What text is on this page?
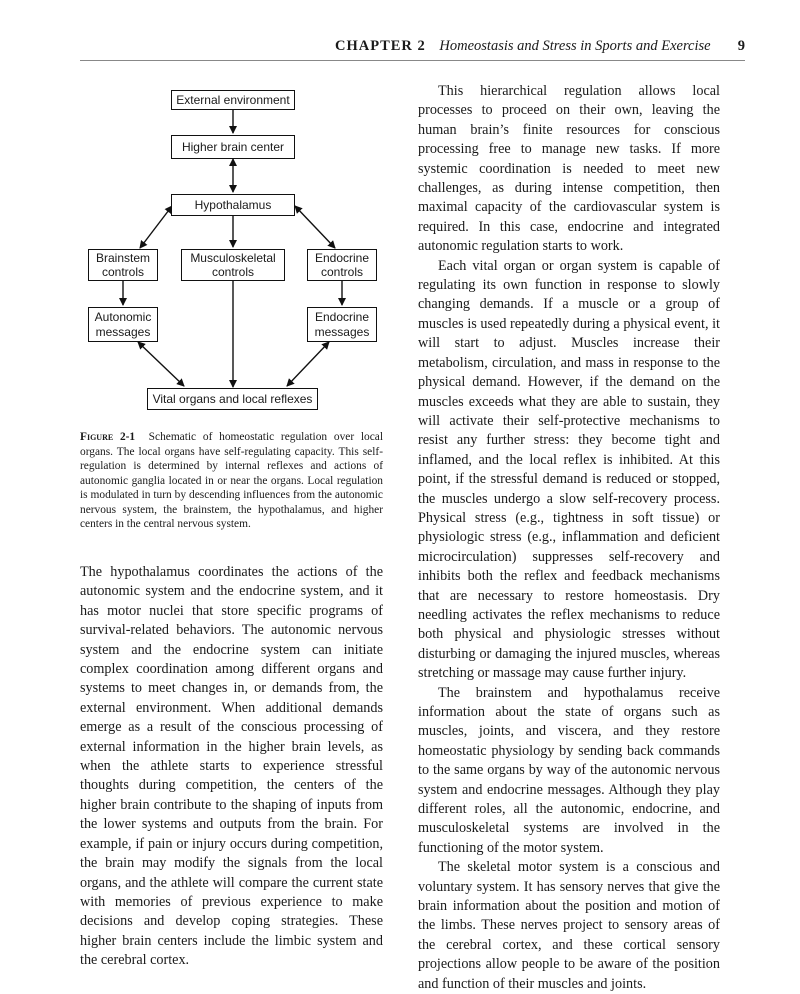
CHAPTER 2 Homeostasis and Stress in Sports and Exercise 9
External environment
Higher brain center
Hypothalamus
Brainstem
controls
Musculoskeletal
controls
Endocrine
controls
Autonomic
messages
Endocrine
messages
Vital organs and local reflexes
Figure 2-1 Schematic of homeostatic regulation over local organs. The local organs have self-regulating capacity. This self-regulation is determined by internal reflexes and actions of autonomic ganglia located in or near the organs. Local regulation is modulated in turn by descending influences from the autonomic nervous system, the brainstem, the hypothalamus, and higher centers in the central nervous system.

The hypothalamus coordinates the actions of the autonomic system and the endocrine system, and it has motor nuclei that store specific programs of survival-related behaviors. The autonomic nervous system and the endocrine system can initiate complex coordination among different organs and systems to meet changes in, or demands from, the external environment. When additional demands emerge as a result of the conscious processing of external information in the higher brain levels, as when the athlete starts to experience stressful thoughts during competition, the centers of the higher brain contribute to the shaping of inputs from the lower systems and outputs from the brain. For example, if pain or injury occurs during competition, the brain may modify the signals from the local organs, and the athlete will compare the current state with memories of previous experience to make decisions and develop coping strategies. These higher brain centers include the limbic system and the cerebral cortex.

This hierarchical regulation allows local processes to proceed on their own, leaving the human brain’s finite resources for conscious processing free to manage new tasks. If more systemic coordination is needed to meet new challenges, as during intense competition, then maximal capacity of the cardiovascular system is required. In this case, endocrine and integrated autonomic regulation starts to work.

Each vital organ or organ system is capable of regulating its own function in response to slowly changing demands. If a muscle or a group of muscles is used repeatedly during a physical event, it will start to adjust. Muscles increase their metabolism, circulation, and mass in response to the physical demand. However, if the demand on the muscles exceeds what they are able to sustain, they will activate their self-protective mechanisms to resist any further stress: they become tight and inflamed, and the local reflex is inhibited. At this point, if the stressful demand is reduced or stopped, the muscles undergo a slow self-recovery process. Physical stress (e.g., tightness in soft tissue) or physiologic stress (e.g., inflammation and deficient microcirculation) suppresses self-recovery and inhibits both the reflex and feedback mechanisms that are necessary to restore homeostasis. Dry needling activates the reflex mechanisms to reduce both physical and physiologic stresses without disturbing or damaging the injured muscles, whereas stretching or massage may cause further injury.

The brainstem and hypothalamus receive information about the state of organs such as muscles, joints, and viscera, and they restore homeostatic physiology by sending back commands to the same organs by way of the autonomic nervous system and endocrine messages. Although they play different roles, all the autonomic, endocrine, and musculoskeletal systems are involved in the functioning of the motor system.

The skeletal motor system is a conscious and voluntary system. It has sensory nerves that give the brain information about the position and motion of the limbs. These nerves project to sensory areas of the cerebral cortex, and these cortical sensory projections allow people to be aware of the position and function of their muscles and joints.
